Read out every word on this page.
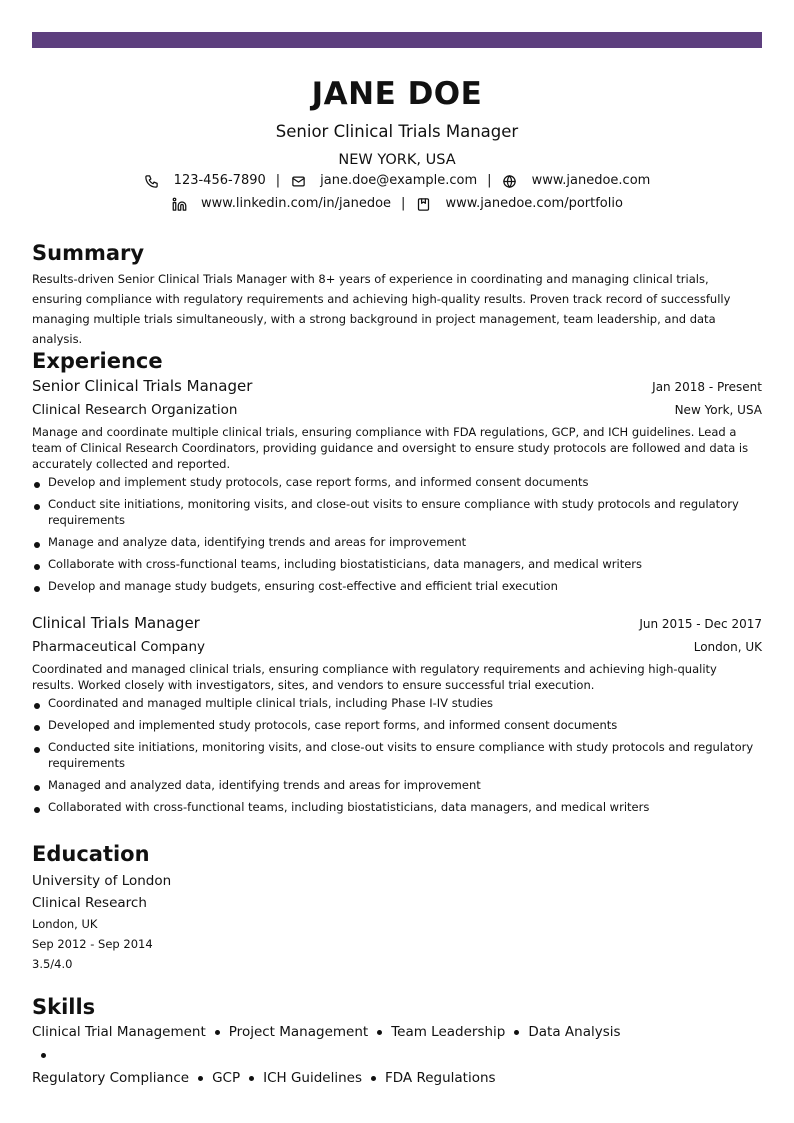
JANE DOE
Senior Clinical Trials Manager
NEW YORK, USA
123-456-7890 |	jane.doe@example.com |	www.janedoe.com
www.linkedin.com/in/janedoe |	www.janedoe.com/portfolio
Summary
Results-driven Senior Clinical Trials Manager with 8+ years of experience in coordinating and managing clinical trials, ensuring compliance with regulatory requirements and achieving high-quality results. Proven track record of successfully managing multiple trials simultaneously, with a strong background in project management, team leadership, and data analysis.
Experience
Senior Clinical Trials Manager	Jan 2018 - Present
Clinical Research Organization	New York, USA
Manage and coordinate multiple clinical trials, ensuring compliance with FDA regulations, GCP, and ICH guidelines. Lead a team of Clinical Research Coordinators, providing guidance and oversight to ensure study protocols are followed and data is accurately collected and reported.
Develop and implement study protocols, case report forms, and informed consent documents
Conduct site initiations, monitoring visits, and close-out visits to ensure compliance with study protocols and regulatory requirements
Manage and analyze data, identifying trends and areas for improvement
Collaborate with cross-functional teams, including biostatisticians, data managers, and medical writers
Develop and manage study budgets, ensuring cost-effective and efficient trial execution
Clinical Trials Manager	Jun 2015 - Dec 2017
Pharmaceutical Company	London, UK
Coordinated and managed clinical trials, ensuring compliance with regulatory requirements and achieving high-quality results. Worked closely with investigators, sites, and vendors to ensure successful trial execution.
Coordinated and managed multiple clinical trials, including Phase I-IV studies
Developed and implemented study protocols, case report forms, and informed consent documents
Conducted site initiations, monitoring visits, and close-out visits to ensure compliance with study protocols and regulatory requirements
Managed and analyzed data, identifying trends and areas for improvement
Collaborated with cross-functional teams, including biostatisticians, data managers, and medical writers
Education
University of London
Clinical Research
London, UK
Sep 2012 - Sep 2014
3.5/4.0
Skills
Clinical Trial Management Project Management Team Leadership Data Analysis
Regulatory Compliance GCP ICH Guidelines FDA Regulations
